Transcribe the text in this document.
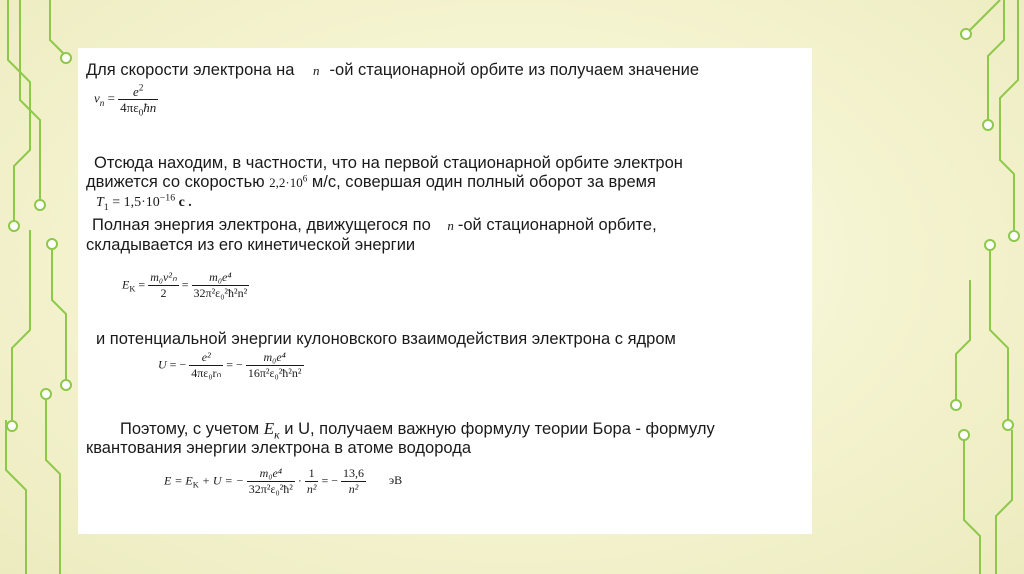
Для скорости электрона на n -ой стационарной орбите из получаем значение
$v_n = \frac{e^2}{4\pi\varepsilon_0ħn}$
Отсюда находим, в частности, что на первой стационарной орбите электрон
движется со скоростью $2,2\cdot 10^6$ м/с, совершая один полный оборот за время
$T_1 = 1,5\cdot 10^{-16}$ с .
Полная энергия электрона, движущегося по n -ой стационарной орбите,
складывается из его кинетической энергии
$E_K = \frac{\text{m₀v²ₙ}}{2} = \frac{\text{m₀e⁴}}{\text{32π²ε₀²ħ²n²}}$
и потенциальной энергии кулоновского взаимодействия электрона с ядром
U = − $\frac{\text{e²}}{\text{4πε₀rₙ}}$ = − $\frac{\text{m₀e⁴}}{\text{16π²ε₀²ħ²n²}}$
Поэтому, с учетом $E_к$ и U, получаем важную формулу теории Бора - формулу
квантования энергии электрона в атоме водорода
$E = E_K + U$ = − $\frac{\text{m₀e⁴}}{\text{32π²ε₀²ħ²}} \cdot \frac{1}{\text{n²}}$ = − $\frac{13,6}{\text{n²}}$ эВ
